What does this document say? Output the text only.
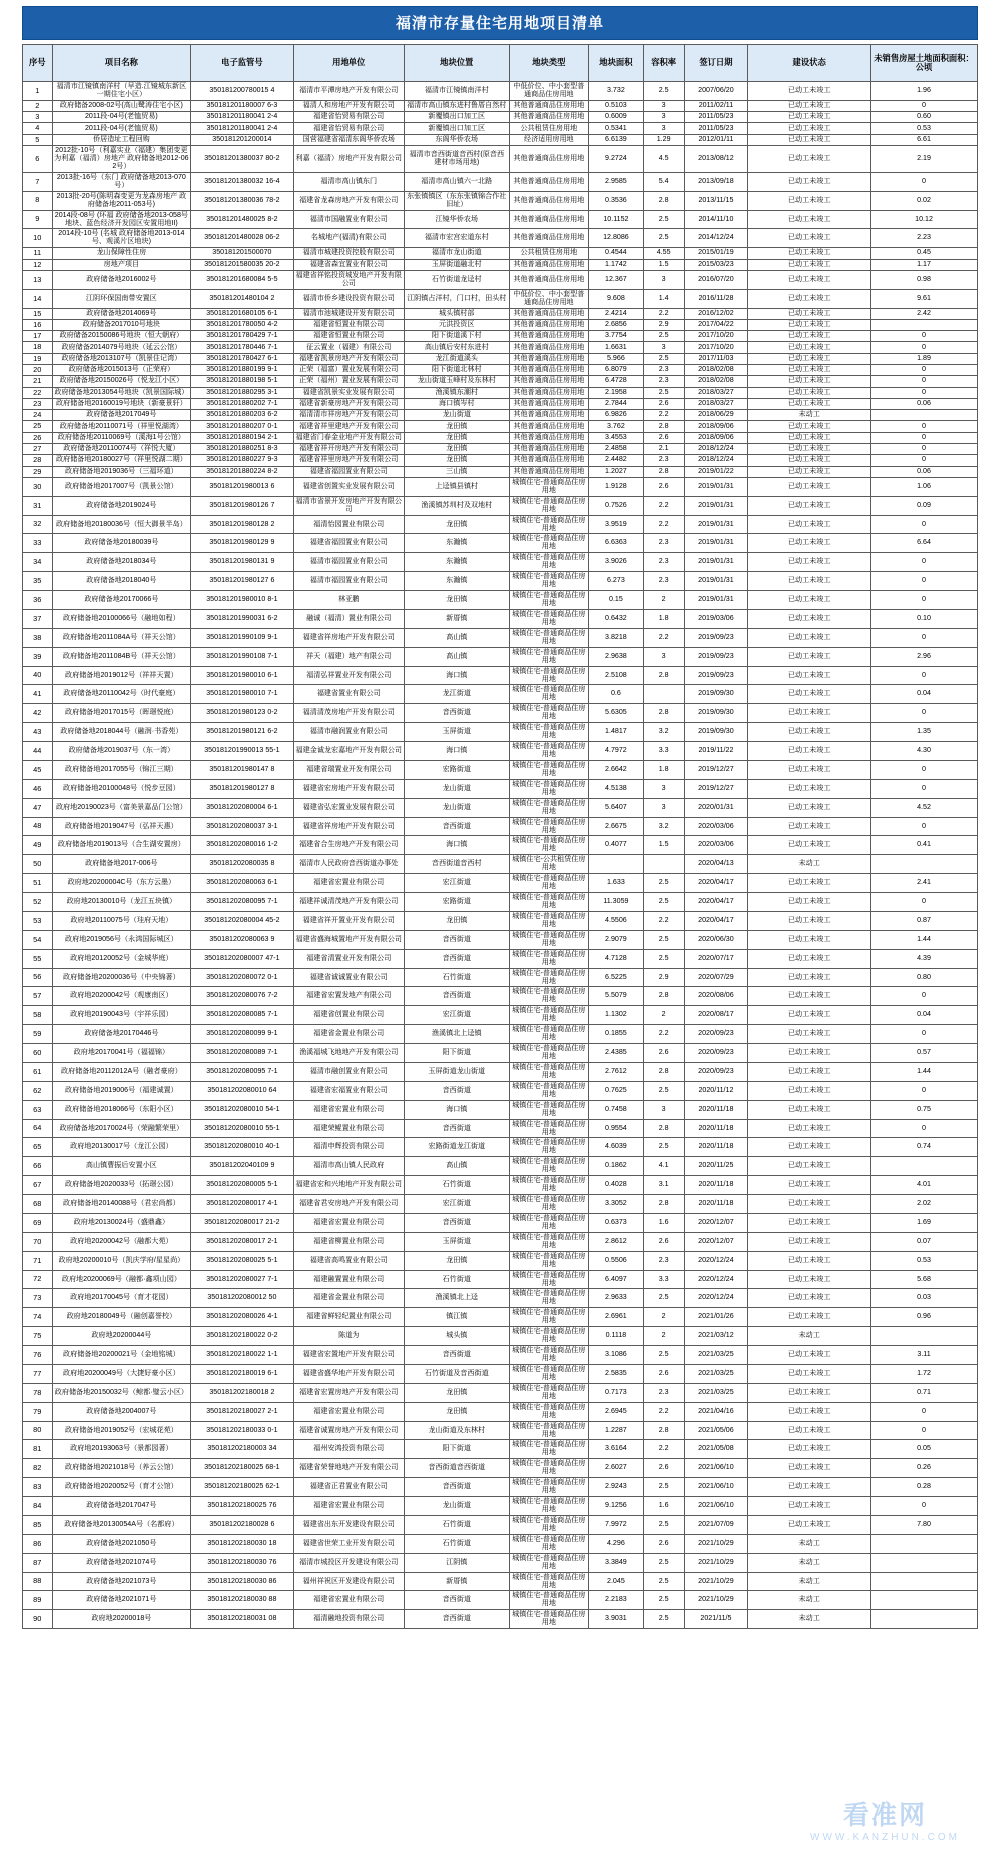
福清市存量住宅用地项目清单
序号	项目名称	电子监管号	用地单位	地块位置	地块类型	地块面积	容积率	签订日期	建设状态	未销售房屋土地面积面积：公顷
1	福清市江镜镇南洋村（早造.江镜城东新区一期住宅小区）	350181200780015 4	福清市平潭房地产开发有限公司	福清市江镜镇南洋村	中低价位、中小套型普通商品住房用地	3.732	2.5	2007/06/20	已动工未竣工	1.96
2	政府储备2008-02号(高山鹭涛住宅小区)	350181201180007 6-3	福清人和房地产开发有限公司	福清市高山镇东进村鲁厝自然村	其他普通商品住房用地	0.5103	3	2011/02/11	已动工未竣工	0
3	2011段-04号(老恤贸易)	350181201180041 2-4	福建省怡贸易有限公司	新覆镇出口加工区	其他普通商品住房用地	0.6009	3	2011/05/23	已动工未竣工	0.60
4	2011段-04号(老恤贸易)	350181201180041 2-4	福建省怡贸易有限公司	新覆镇出口加工区	公共租赁住房用地	0.5341	3	2011/05/23	已动工未竣工	0.53
5	侨居造址工程回购	350181201200014	国营福建省福清东阁华侨农场	东阁华侨农场	经济适用房用地	6.6139	1.29	2012/01/11	已动工未竣工	6.61
6	2012批-10号（利嘉实业（福建）集团变更为利嘉（福清）房地产 政府储备地2012-062号）	350181201380037 80-2	利嘉（福清）房地产开发有限公司	福清市音西街道音西村(原音西建材市场用地)	其他普通商品住房用地	9.2724	4.5	2013/08/12	已动工未竣工	2.19
7	2013批-16号（东门 政府储备地2013-070号）	350181201380032 16-4	福清市高山镇东门	福清市高山镇六一北路	其他普通商品住房用地	2.9585	5.4	2013/09/18	已动工未竣工	0
8	2013批-20号(陈明森变更为龙森房地产 政府储备地2011-053号)	350181201380036 78-2	福建省龙森房地产开发有限公司	东张镇镇区（东东张镇锦合作社旧址）	其他普通商品住房用地	0.3536	2.8	2013/11/15	已动工未竣工	0.02
9	2014段-08号 (环福 政府储备地2013-058号地块、蓝色经济开发园区安置用地II)	350181201480025 8-2	福清市国融置业有限公司	江镜华侨农场	其他普通商品住房用地	10.1152	2.5	2014/11/10	已动工未竣工	10.12
10	2014段-10号 (名城 政府储备地2013-014号、观溪片区地块)	350181201480028 06-2	名城地产(福清)有限公司	福清市宏宫宏道东村	其他普通商品住房用地	12.8086	2.5	2014/12/24	已动工未竣工	2.23
11	龙山保障性住房	350181201500070	福清市城建投资控股有限公司	福清市龙山街道	公共租赁住房用地	0.4544	4.55	2015/01/19	已动工未竣工	0.45
12	房地产项目	350181201580035 20-2	福建省森宜置业有限公司	玉屏街道融北村	其他普通商品住房用地	1.1742	1.5	2015/03/23	已动工未竣工	1.17
13	政府储备地2016002号	350181201680084 5-5	福建省祥铭投资城发地产开发有限公司	石竹街道龙迳村	其他普通商品住房用地	12.367	3	2016/07/20	已动工未竣工	0.98
14	江阴环保国南带安置区	350181201480104 2	福清市侨乡建设投资有限公司	江阴镇占洋村，门口村，田头村	中低价位、中小套型普通商品住房用地	9.608	1.4	2016/11/28	已动工未竣工	9.61
15	政府储备地2014069号	350181201680105 6-1	福清市池城建设开发有限公司	城头镇村部	其他普通商品住房用地	2.4214	2.2	2016/12/02	已动工未竣工	2.42
16	政府储备2017010号地块	350181201780050 4-2	福建省恒置业有限公司	元洪投资区	其他普通商品住房用地	2.6856	2.9	2017/04/22	已动工未竣工	
17	政府储备20150086号地块（恒大朝府）	350181201780429 7-1	福建省恒置业有限公司	阳下街道溪下村	其他普通商品住房用地	3.7754	2.5	2017/10/20	已动工未竣工	0
18	政府储备2014079号地块（延云公馆）	350181201780446 7-1	征云置业（福建）有限公司	高山镇后安村东进村	其他普通商品住房用地	1.6631	3	2017/10/20	已动工未竣工	0
19	政府储备地2013107号（凯景住记湾）	350181201780427 6-1	福建省凯景房地产开发有限公司	龙江街道溪头	其他普通商品住房用地	5.966	2.5	2017/11/03	已动工未竣工	1.89
20	政府储备地2015013号（正荣府）	350181201880199 9-1	正荣（福富）置业发展有限公司	阳下街道北林村	其他普通商品住房用地	6.8079	2.3	2018/02/08	已动工未竣工	0
21	政府储备地20150026号（悦龙江小区）	350181201880198 5-1	正荣（福州）置业发展有限公司	龙山街道玉峰村及东林村	其他普通商品住房用地	6.4728	2.3	2018/02/08	已动工未竣工	0
22	政府储备地2013054号地块（凯景国际城）	350181201880295 3-1	福建省凯景实业发展有限公司	渔溪镇东潮村	其他普通商品住房用地	2.1958	2.5	2018/03/27	已动工未竣工	0
23	政府储备地20160019号地块（新豪景轩）	350181201880202 7-1	福建省新豪房地产开发有限公司	海口镇岑村	其他普通商品住房用地	2.7844	2.6	2018/03/27	已动工未竣工	0.06
24	政府储备地2017049号	350181201880203 6-2	福清清市祥房地产开发有限公司	龙山街道	其他普通商品住房用地	6.9826	2.2	2018/06/29	未动工	
25	政府储备地20110071号（祥里悦湖湾）	350181201880207 0-1	福建省祥里建地产开发有限公司	龙田镇	其他普通商品住房用地	3.762	2.8	2018/09/06	已动工未竣工	0
26	政府储备地20110069号（溪海1号公馆）	350181201880194 2-1	福建省门春金业地产开发有限公司	龙田镇	其他普通商品住房用地	3.4553	2.6	2018/09/06	已动工未竣工	0
27	政府储备地20110074号（祥悦大厦）	350181201880251 8-3	福建省祥开房地产开发有限公司	龙田镇	其他普通商品住房用地	2.4858	2.1	2018/12/24	已动工未竣工	0
28	政府储备地20180027号（祥里悦湖二期）	350181201880227 9-3	福建省祥里房地产开发有限公司	龙田镇	其他普通商品住房用地	2.4482	2.3	2018/12/24	已动工未竣工	0
29	政府储备地2019036号（三福环道）	350181201880224 8-2	福建省福园置业有限公司	三山镇	其他普通商品住房用地	1.2027	2.8	2019/01/22	已动工未竣工	0.06
30	政府储备地2017007号（凯景公馆）	350181201980013 6	福建省创置实业发展有限公司	上迳镇县镇村	城镇住宅-普通商品住房用地	1.9128	2.6	2019/01/31	已动工未竣工	1.06
31	政府储备地2019024号	350181201980126 7	福清市省景开发房地产开发有限公司	渔溪镇苏圳村及双地村	城镇住宅-普通商品住房用地	0.7526	2.2	2019/01/31	已动工未竣工	0.09
32	政府储备地20180036号（恒大御景半岛）	350181201980128 2	福清怡园置业有限公司	龙田镇	城镇住宅-普通商品住房用地	3.9519	2.2	2019/01/31	已动工未竣工	0
33	政府储备地20180039号	350181201980129 9	福建省福园置业有限公司	东瀚镇	城镇住宅-普通商品住房用地	6.6363	2.3	2019/01/31	已动工未竣工	6.64
34	政府储备地2018034号	350181201980131 9	福清市福园置业有限公司	东瀚镇	城镇住宅-普通商品住房用地	3.9026	2.3	2019/01/31	已动工未竣工	0
35	政府储备地2018040号	350181201980127 6	福清市福园置业有限公司	东瀚镇	城镇住宅-普通商品住房用地	6.273	2.3	2019/01/31	已动工未竣工	0
36	政府储备地20170066号	350181201980010 8-1	林亚鹏	龙田镇	城镇住宅-普通商品住房用地	0.15	2	2019/01/31	已动工未竣工	0
37	政府储备地20100066号（融地如程）	350181201990031 6-2	融诚（福清）置业有限公司	新厝镇	城镇住宅-普通商品住房用地	0.6432	1.8	2019/03/06	已动工未竣工	0.10
38	政府储备地2011084A号（祥天公馆）	350181201990109 9-1	福建省祥房地产开发有限公司	高山镇	城镇住宅-普通商品住房用地	3.8218	2.2	2019/09/23	已动工未竣工	0
39	政府储备地2011084B号（祥天公馆）	350181201990108 7-1	祥天（福建）地产有限公司	高山镇	城镇住宅-普通商品住房用地	2.9638	3	2019/09/23	已动工未竣工	2.96
40	政府储备地2019012号（祥祥天置）	350181201980010 6-1	福清弘祥置业开发有限公司	海口镇	城镇住宅-普通商品住房用地	2.5108	2.8	2019/09/23	已动工未竣工	0
41	政府储备地20110042号（时代豪庭）	350181201980010 7-1	福建省置业有限公司	龙江街道	城镇住宅-普通商品住房用地	0.6		2019/09/30	已动工未竣工	0.04
42	政府储备地2017015号（晖璟悦庭）	350181201980123 0-2	福清清茂房地产开发有限公司	音西街道	城镇住宅-普通商品住房用地	5.6305	2.8	2019/09/30	已动工未竣工	0
43	政府储备地2018044号（融润·书香苑）	350181201980121 6-2	福清市融润置业有限公司	玉屏街道	城镇住宅-普通商品住房用地	1.4817	3.2	2019/09/30	已动工未竣工	1.35
44	政府储备地2019037号（东一湾）	350181201990013 55-1	福建金诚龙宏嘉地产开发有限公司	海口镇	城镇住宅-普通商品住房用地	4.7972	3.3	2019/11/22	已动工未竣工	4.30
45	政府储备地2017055号（锦江三期）	350181201980147 8	福建省瑞置业开发有限公司	宏路街道	城镇住宅-普通商品住房用地	2.6642	1.8	2019/12/27	已动工未竣工	0
46	政府储备地20100048号（悦步豆园）	350181201980127 8	福建省宏房地产开发有限公司	龙山街道	城镇住宅-普通商品住房用地	4.5138	3	2019/12/27	已动工未竣工	0
47	政府地20190023号（富美景嘉品门公馆）	350181202080004 6-1	福建省弘宏置业发展有限公司	龙山街道	城镇住宅-普通商品住房用地	5.6407	3	2020/01/31	已动工未竣工	4.52
48	政府储备地2019047号（弘祥天惠）	350181202080037 3-1	福建省祥房地产开发有限公司	音西街道	城镇住宅-普通商品住房用地	2.6675	3.2	2020/03/06	已动工未竣工	0
49	政府储备地2019013号（合生湖安置房）	350181202080016 1-2	福建省合生房地产开发有限公司	海口镇	城镇住宅-普通商品住房用地	0.4077	1.5	2020/03/06	已动工未竣工	0.41
50	政府储备地2017-006号	350181202080035 8	福清市人民政府音西街道办事处	音西街道音西村	城镇住宅-公共租赁住房用地			2020/04/13	未动工	
51	政府地20200004C号（东方云墨）	350181202080063 6-1	福建省宏置业有限公司	宏江街道	城镇住宅-普通商品住房用地	1.633	2.5	2020/04/17	已动工未竣工	2.41
52	政府地20130010号（龙江五块镇）	350181202080095 7-1	福建祥诚清茂地产开发有限公司	宏路街道	城镇住宅-普通商品住房用地	11.3059	2.5	2020/04/17	已动工未竣工	0
53	政府地20110075号（珪府天地）	350181202080004 45-2	福建省祥开置业开发有限公司	龙田镇	城镇住宅-普通商品住房用地	4.5506	2.2	2020/04/17	已动工未竣工	0.87
54	政府地2019056号（永鸿国际城区）	350181202080063 9	福建省盛海城置地产开发有限公司	音西街道	城镇住宅-普通商品住房用地	2.9079	2.5	2020/06/30	已动工未竣工	1.44
55	政府地20120052号（金城华庭）	350181202080007 47-1	福建省清置业开发有限公司	音西街道	城镇住宅-普通商品住房用地	4.7128	2.5	2020/07/17	已动工未竣工	4.39
56	政府储备地20200036号（中央锦著）	350181202080072 0-1	福建省诚诚置业有限公司	石竹街道	城镇住宅-普通商品住房用地	6.5225	2.9	2020/07/29	已动工未竣工	0.80
57	政府地20200042号（观康南区）	350181202080076 7-2	福建省宏置发地产有限公司	音西街道	城镇住宅-普通商品住房用地	5.5079	2.8	2020/08/06	已动工未竣工	0
58	政府地20190043号（宇祥乐园）	350181202080085 7-1	福建省创置业有限公司	宏江街道	城镇住宅-普通商品住房用地	1.1302	2	2020/08/17	已动工未竣工	0.04
59	政府储备地20170446号	350181202080099 9-1	福建省金置业有限公司	渔溪镇北上迳镇	城镇住宅-普通商品住房用地	0.1855	2.2	2020/09/23	已动工未竣工	0
60	政府地20170041号（福福锦）	350181202080089 7-1	渔溪福城飞地地产开发有限公司	阳下街道	城镇住宅-普通商品住房用地	2.4385	2.6	2020/09/23	已动工未竣工	0.57
61	政府储备地20112012A号（融者豪府）	350181202080095 7-1	福清市融创置业有限公司	玉屏街道龙山街道	城镇住宅-普通商品住房用地	2.7612	2.8	2020/09/23	已动工未竣工	1.44
62	政府储备地2019006号（福建诚置）	350181202080010 64	福建省宏福置业有限公司	音西街道	城镇住宅-普通商品住房用地	0.7625	2.5	2020/11/12	已动工未竣工	0
63	政府储备地2018066号（东阳小区）	350181202080010 54-1	福建省宏置业有限公司	海口镇	城镇住宅-普通商品住房用地	0.7458	3	2020/11/18	已动工未竣工	0.75
64	政府储备地20170024号（荣融繁荣里）	350181202080010 55-1	福建荣鲲置业有限公司	音西街道	城镇住宅-普通商品住房用地	0.9554	2.8	2020/11/18	已动工未竣工	0
65	政府地20130017号（龙江公园）	350181202080010 40-1	福清申辉投资有限公司	宏路街道龙江街道	城镇住宅-普通商品住房用地	4.6039	2.5	2020/11/18	已动工未竣工	0.74
66	高山镇曹振后安置小区	350181202040109 9	福清市高山镇人民政府	高山镇	城镇住宅-普通商品住房用地	0.1862	4.1	2020/11/25	已动工未竣工	
67	政府储备地2020033号（拓璟公园）	350181202080005 5-1	福建省宏和兴地地产开发有限公司	石竹街道	城镇住宅-普通商品住房用地	0.4028	3.1	2020/11/18	已动工未竣工	4.01
68	政府储备地20140088号（君宏尚都）	350181202080017 4-1	福建省君安房地产开发有限公司	宏江街道	城镇住宅-普通商品住房用地	3.3052	2.8	2020/11/18	已动工未竣工	2.02
69	政府地20130024号（盛鼎鑫）	350181202080017 21-2	福建省宏置业有限公司	音西街道	城镇住宅-普通商品住房用地	0.6373	1.6	2020/12/07	已动工未竣工	1.69
70	政府地20200042号（融都大苑）	350181202080017 2-1	福建省柳置业有限公司	玉屏街道	城镇住宅-普通商品住房用地	2.8612	2.6	2020/12/07	已动工未竣工	0.07
71	政府地20200010号（凯庆学府/星星尚）	350181202080025 5-1	福建省高鸣置业有限公司	龙田镇	城镇住宅-普通商品住房用地	0.5506	2.3	2020/12/24	已动工未竣工	0.53
72	政府地20200069号（融都·鑫项山园）	350181202080027 7-1	福建融置置业有限公司	石竹街道	城镇住宅-普通商品住房用地	6.4097	3.3	2020/12/24	已动工未竣工	5.68
73	政府地20170045号（育才花园）	350181202080012 50	福建省金置业有限公司	渔溪镇北上迳	城镇住宅-普通商品住房用地	2.9633	2.5	2020/12/24	已动工未竣工	0.03
74	政府地20180049号（融创嘉誉校）	350181202080026 4-1	福建省鲜轻纪置业有限公司	镇江镇	城镇住宅-普通商品住房用地	2.6961	2	2021/01/26	已动工未竣工	0.96
75	政府地20200044号	350181202180022 0-2	陈道为	城头镇	城镇住宅-普通商品住房用地	0.1118	2	2021/03/12	未动工	
76	政府储备地20200021号（金地铭城）	350181202180022 1-1	福建省宏置地产开发有限公司	音西街道	城镇住宅-普通商品住房用地	3.1086	2.5	2021/03/25	已动工未竣工	3.11
77	政府地20200049号（大捷好豪小区）	350181202180019 6-1	福建省盛华地产开发有限公司	石竹街道及音西街道	城镇住宅-普通商品住房用地	2.5835	2.6	2021/03/25	已动工未竣工	1.72
78	政府储备地20150032号（鲸都·璧云小区）	350181202180018 2	福建省宏置房地产开发有限公司	龙田镇	城镇住宅-普通商品住房用地	0.7173	2.3	2021/03/25	已动工未竣工	0.71
79	政府储备地2004007号	350181202180027 2-1	福建省宏置业有限公司	龙田镇	城镇住宅-普通商品住房用地	2.6945	2.2	2021/04/16	已动工未竣工	0
80	政府储备地2019052号（宏城花苑）	350181202180033 0-1	福建省诚置房地产开发有限公司	龙山街道及东林村	城镇住宅-普通商品住房用地	1.2287	2.8	2021/05/06	已动工未竣工	0
81	政府地20193063号（景都园著）	350181202180003 34	福州安鸿投资有限公司	阳下街道	城镇住宅-普通商品住房用地	3.6164	2.2	2021/05/08	已动工未竣工	0.05
82	政府储备地2021018号（养云公馆）	350181202180025 68-1	福建省荣誉地地产开发有限公司	音西街道音西街道	城镇住宅-普通商品住房用地	2.6027	2.6	2021/06/10	已动工未竣工	0.26
83	政府储备地2020052号（育才公馆）	350181202180025 62-1	福建省正君置业有限公司	音西街道	城镇住宅-普通商品住房用地	2.9243	2.5	2021/06/10	已动工未竣工	0.28
84	政府储备地2017047号	350181202180025 76	福建省宏置业有限公司	龙山街道	城镇住宅-普通商品住房用地	9.1256	1.6	2021/06/10	已动工未竣工	0
85	政府储备地20130054A号（名都府）	350181202180028 6	福建省出东开发建设有限公司	石竹街道	城镇住宅-普通商品住房用地	7.9972	2.5	2021/07/09	已动工未竣工	7.80
86	政府储备地2021050号	350181202180030 18	福建省世荣工业开发有限公司	石竹街道	城镇住宅-普通商品住房用地	4.296	2.6	2021/10/29	未动工	
87	政府储备地2021074号	350181202180030 76	福清市城投区开发建设有限公司	江阴镇	城镇住宅-普通商品住房用地	3.3849	2.5	2021/10/29	未动工	
88	政府储备地2021073号	350181202180030 86	福州祥祝区开发建设有限公司	新厝镇	城镇住宅-普通商品住房用地	2.045	2.5	2021/10/29	未动工	
89	政府储备地2021071号	350181202180030 88	福建省宏置业有限公司	音西街道	城镇住宅-普通商品住房用地	2.2183	2.5	2021/10/29	未动工	
90	政府地20200018号	350181202180031 08	福清融地投资有限公司	音西街道	城镇住宅-普通商品住房用地	3.9031	2.5	2021/11/5	未动工	
看准网
WWW.KANZHUN.COM
